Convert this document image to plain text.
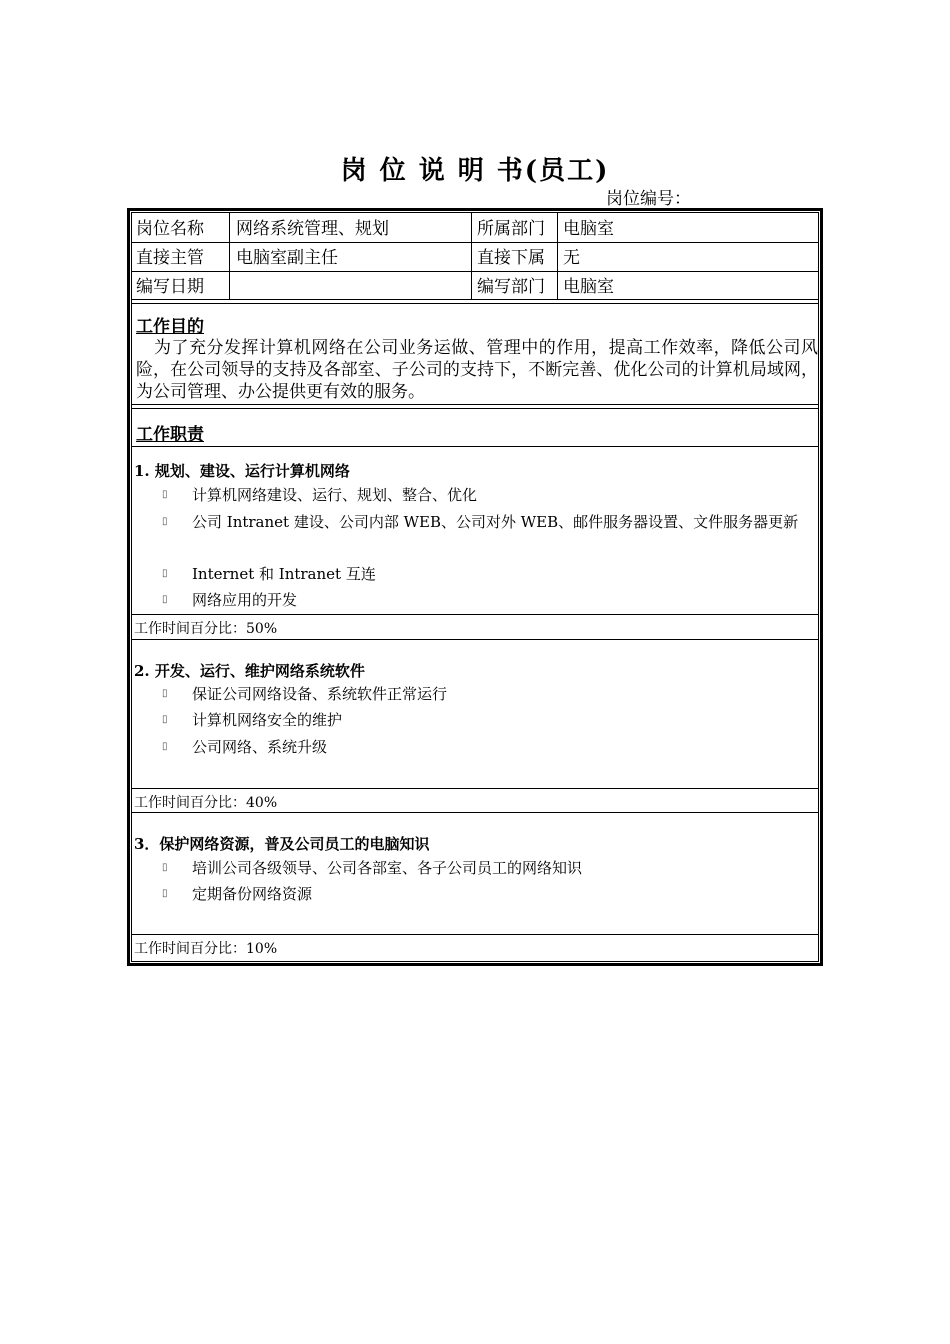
岗 位 说 明 书(员工)
岗位编号：
岗位名称 网络系统管理、规划	所属部门 电脑室
直接主管 电脑室副主任	直接下属 无
编写日期	编写部门 电脑室
工作目的

为了充分发挥计算机网络在公司业务运做、管理中的作用，提高工作效率，降低公司风险，在公司领导的支持及各部室、子公司的支持下，不断完善、优化公司的计算机局域网，为公司管理、办公提供更有效的服务。

工作职责
1. 规划、建设、运行计算机网络
▯	计算机网络建设、运行、规划、整合、优化
▯	公司 Intranet 建设、公司内部 WEB、公司对外 WEB、邮件服务器设置、文件服务器更新
▯	Internet 和 Intranet 互连
▯	网络应用的开发
工作时间百分比：50%
2. 开发、运行、维护网络系统软件
▯	保证公司网络设备、系统软件正常运行
▯	计算机网络安全的维护
▯	公司网络、系统升级
工作时间百分比：40%
3．保护网络资源，普及公司员工的电脑知识
▯	培训公司各级领导、公司各部室、各子公司员工的网络知识
▯	定期备份网络资源
工作时间百分比：10%
